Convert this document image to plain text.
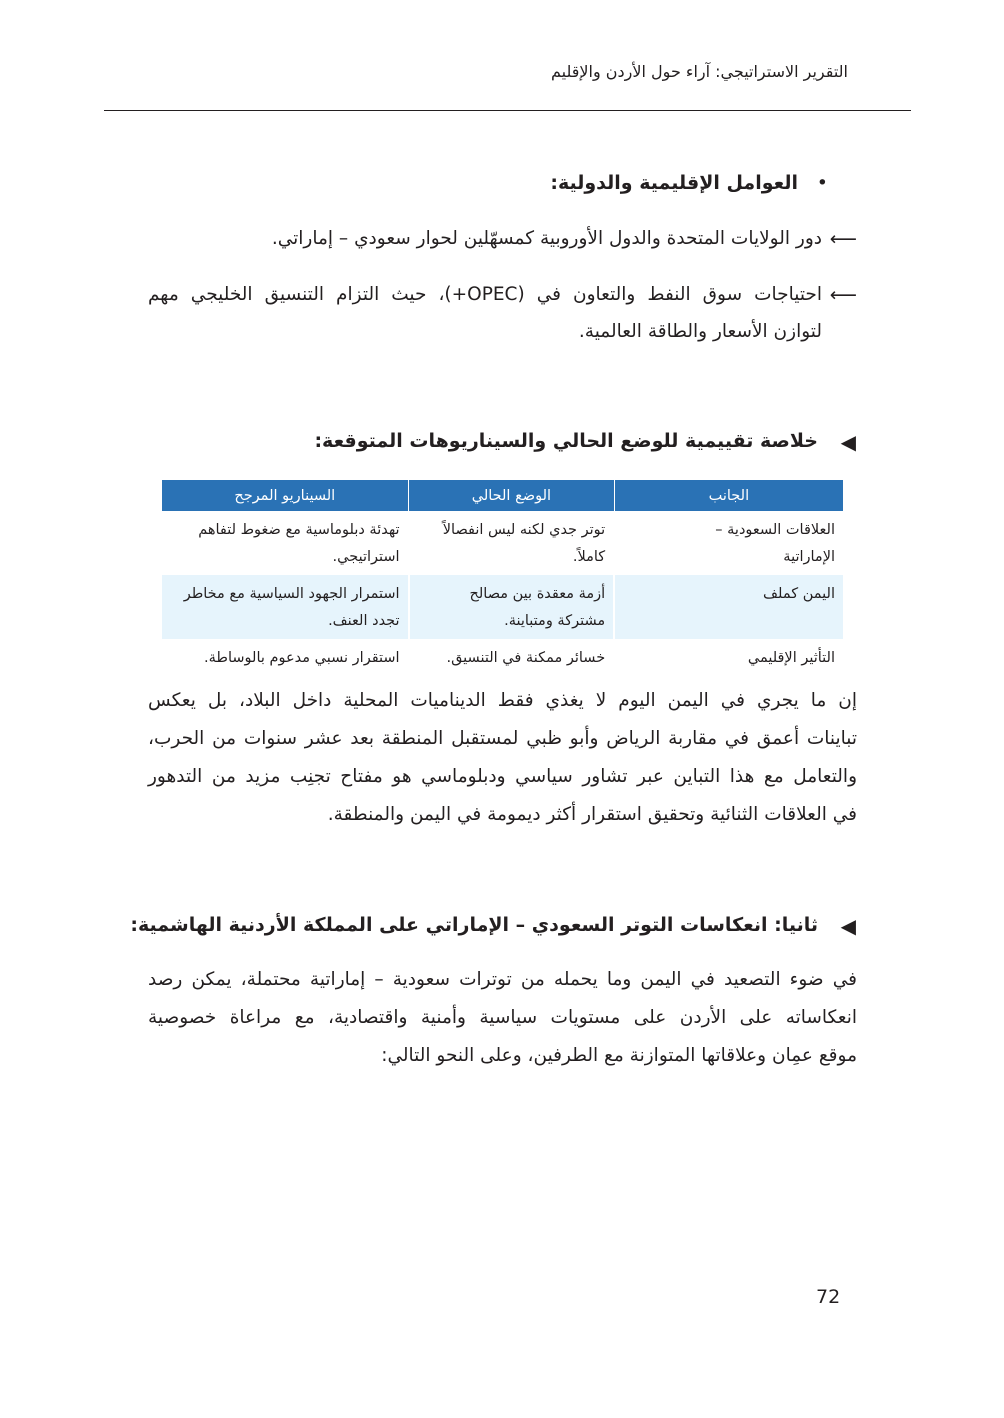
التقرير الاستراتيجي: آراء حول الأردن والإقليم
•
العوامل الإقليمية والدولية:
⟵
دور الولايات المتحدة والدول الأوروبية كمسهّلين لحوار سعودي – إماراتي.
⟵
احتياجات سوق النفط والتعاون في (OPEC+)، حيث التزام التنسيق الخليجي مهم
لتوازن الأسعار والطاقة العالمية.
◀
خلاصة تقييمية للوضع الحالي والسيناريوهات المتوقعة:
الجانب	الوضع الحالي	السيناريو المرجح
العلاقات السعودية – الإماراتية	توتر جدي لكنه ليس انفصالاً كاملاً.	تهدئة دبلوماسية مع ضغوط لتفاهم استراتيجي.
اليمن كملف	أزمة معقدة بين مصالح مشتركة ومتباينة.	استمرار الجهود السياسية مع مخاطر تجدد العنف.
التأثير الإقليمي	خسائر ممكنة في التنسيق.	استقرار نسبي مدعوم بالوساطة.
إن ما يجري في اليمن اليوم لا يغذي فقط الديناميات المحلية داخل البلاد، بل يعكس
تباينات أعمق في مقاربة الرياض وأبو ظبي لمستقبل المنطقة بعد عشر سنوات من الحرب،
والتعامل مع هذا التباين عبر تشاور سياسي ودبلوماسي هو مفتاح تجنِب مزيد من التدهور
في العلاقات الثنائية وتحقيق استقرار أكثر ديمومة في اليمن والمنطقة.
◀
ثانيا: انعكاسات التوتر السعودي – الإماراتي على المملكة الأردنية الهاشمية:
في ضوء التصعيد في اليمن وما يحمله من توترات سعودية – إماراتية محتملة، يمكن رصد
انعكاساته على الأردن على مستويات سياسية وأمنية واقتصادية، مع مراعاة خصوصية
موقع عمِان وعلاقاتها المتوازنة مع الطرفين، وعلى النحو التالي:
72
